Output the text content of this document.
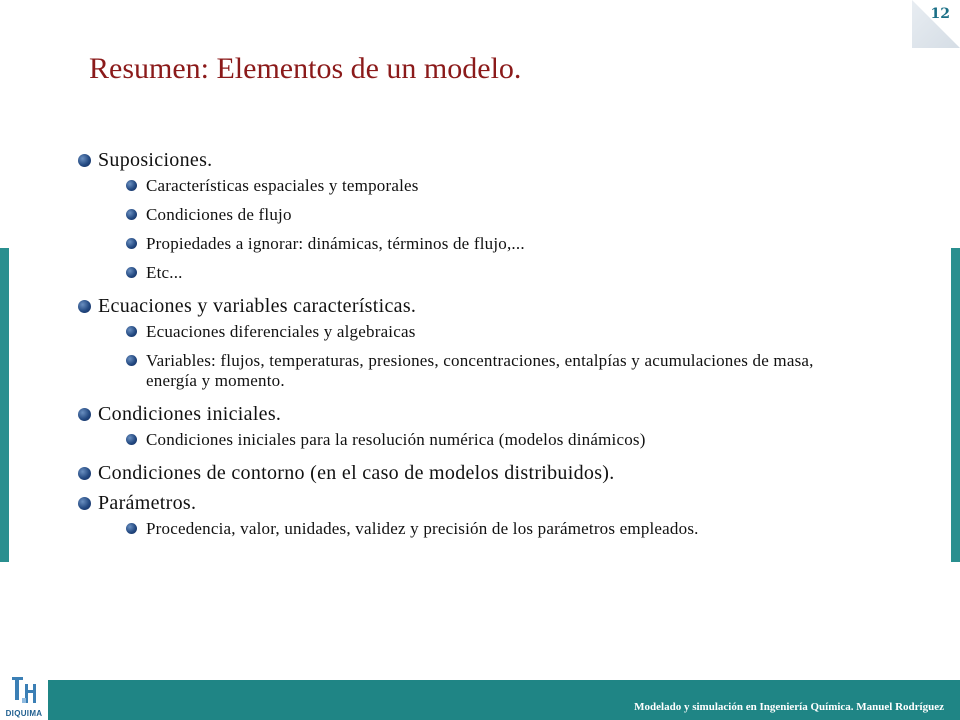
12
Resumen: Elementos de un modelo.
Suposiciones.
Características espaciales y temporales
Condiciones de flujo
Propiedades a ignorar: dinámicas, términos de flujo,...
Etc...
Ecuaciones y variables características.
Ecuaciones diferenciales y algebraicas
Variables: flujos, temperaturas, presiones, concentraciones, entalpías y acumulaciones de masa, energía y momento.
Condiciones iniciales.
Condiciones iniciales para la resolución numérica (modelos dinámicos)
Condiciones de contorno (en el caso de modelos distribuidos).
Parámetros.
Procedencia, valor, unidades, validez y precisión de los parámetros empleados.
Modelado y simulación en Ingeniería Química. Manuel Rodríguez
DIQUIMA
